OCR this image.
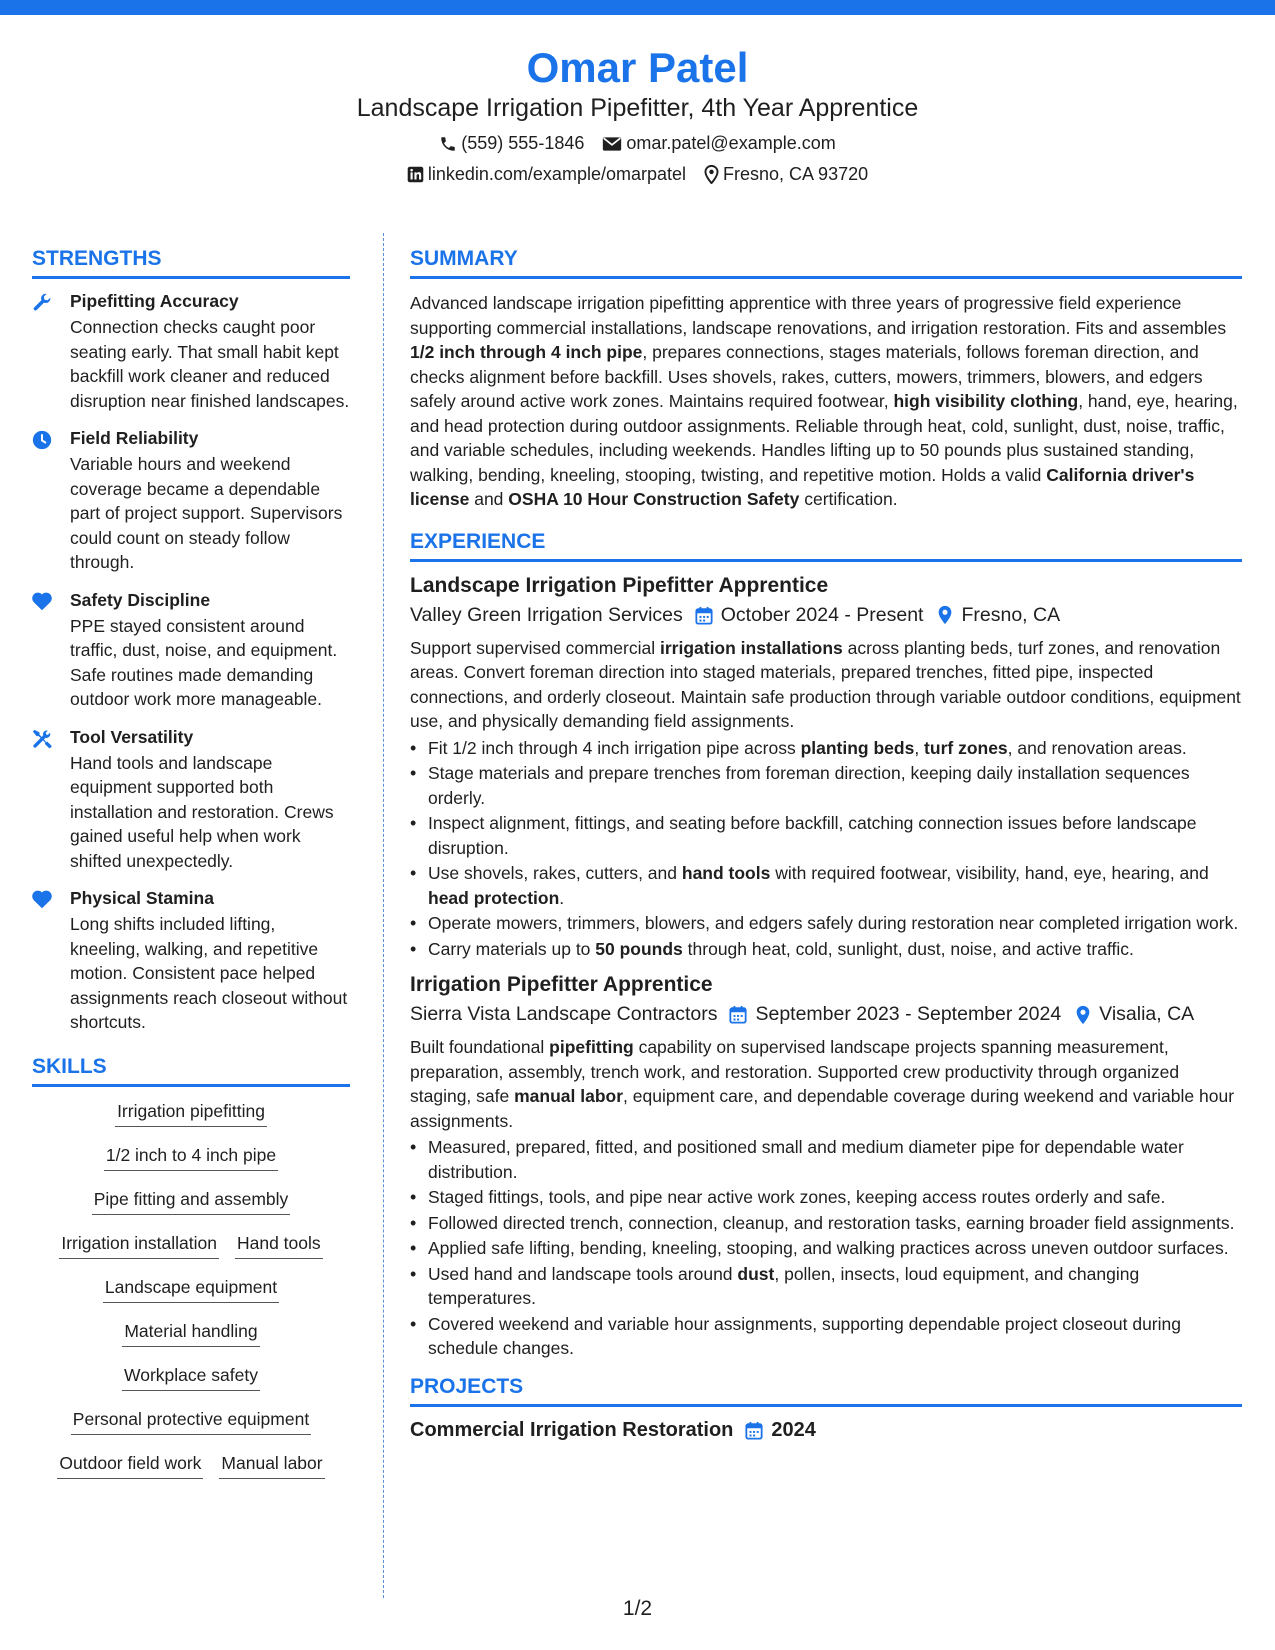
Omar Patel
Landscape Irrigation Pipefitter, 4th Year Apprentice
(559) 555-1846 omar.patel@example.com
linkedin.com/example/omarpatel Fresno, CA 93720
STRENGTHS
Pipefitting Accuracy
Connection checks caught poor seating early. That small habit kept backfill work cleaner and reduced disruption near finished landscapes.
Field Reliability
Variable hours and weekend coverage became a dependable part of project support. Supervisors could count on steady follow through.
Safety Discipline
PPE stayed consistent around traffic, dust, noise, and equipment. Safe routines made demanding outdoor work more manageable.
Tool Versatility
Hand tools and landscape equipment supported both installation and restoration. Crews gained useful help when work shifted unexpectedly.
Physical Stamina
Long shifts included lifting, kneeling, walking, and repetitive motion. Consistent pace helped assignments reach closeout without shortcuts.
SKILLS
Irrigation pipefitting
1/2 inch to 4 inch pipe
Pipe fitting and assembly
Irrigation installation Hand tools
Landscape equipment
Material handling
Workplace safety
Personal protective equipment
Outdoor field work Manual labor
SUMMARY
Advanced landscape irrigation pipefitting apprentice with three years of progressive field experience supporting commercial installations, landscape renovations, and irrigation restoration. Fits and assembles 1/2 inch through 4 inch pipe, prepares connections, stages materials, follows foreman direction, and checks alignment before backfill. Uses shovels, rakes, cutters, mowers, trimmers, blowers, and edgers safely around active work zones. Maintains required footwear, high visibility clothing, hand, eye, hearing, and head protection during outdoor assignments. Reliable through heat, cold, sunlight, dust, noise, traffic, and variable schedules, including weekends. Handles lifting up to 50 pounds plus sustained standing, walking, bending, kneeling, stooping, twisting, and repetitive motion. Holds a valid California driver's license and OSHA 10 Hour Construction Safety certification.
EXPERIENCE
Landscape Irrigation Pipefitter Apprentice
Valley Green Irrigation Services October 2024 - Present Fresno, CA
Support supervised commercial irrigation installations across planting beds, turf zones, and renovation areas. Convert foreman direction into staged materials, prepared trenches, fitted pipe, inspected connections, and orderly closeout. Maintain safe production through variable outdoor conditions, equipment use, and physically demanding field assignments.
• Fit 1/2 inch through 4 inch irrigation pipe across planting beds, turf zones, and renovation areas.
• Stage materials and prepare trenches from foreman direction, keeping daily installation sequences orderly.
• Inspect alignment, fittings, and seating before backfill, catching connection issues before landscape disruption.
• Use shovels, rakes, cutters, and hand tools with required footwear, visibility, hand, eye, hearing, and head protection.
• Operate mowers, trimmers, blowers, and edgers safely during restoration near completed irrigation work.
• Carry materials up to 50 pounds through heat, cold, sunlight, dust, noise, and active traffic.
Irrigation Pipefitter Apprentice
Sierra Vista Landscape Contractors September 2023 - September 2024 Visalia, CA
Built foundational pipefitting capability on supervised landscape projects spanning measurement, preparation, assembly, trench work, and restoration. Supported crew productivity through organized staging, safe manual labor, equipment care, and dependable coverage during weekend and variable hour assignments.
• Measured, prepared, fitted, and positioned small and medium diameter pipe for dependable water distribution.
• Staged fittings, tools, and pipe near active work zones, keeping access routes orderly and safe.
• Followed directed trench, connection, cleanup, and restoration tasks, earning broader field assignments.
• Applied safe lifting, bending, kneeling, stooping, and walking practices across uneven outdoor surfaces.
• Used hand and landscape tools around dust, pollen, insects, loud equipment, and changing temperatures.
• Covered weekend and variable hour assignments, supporting dependable project closeout during schedule changes.
PROJECTS
Commercial Irrigation Restoration 2024
1/2
